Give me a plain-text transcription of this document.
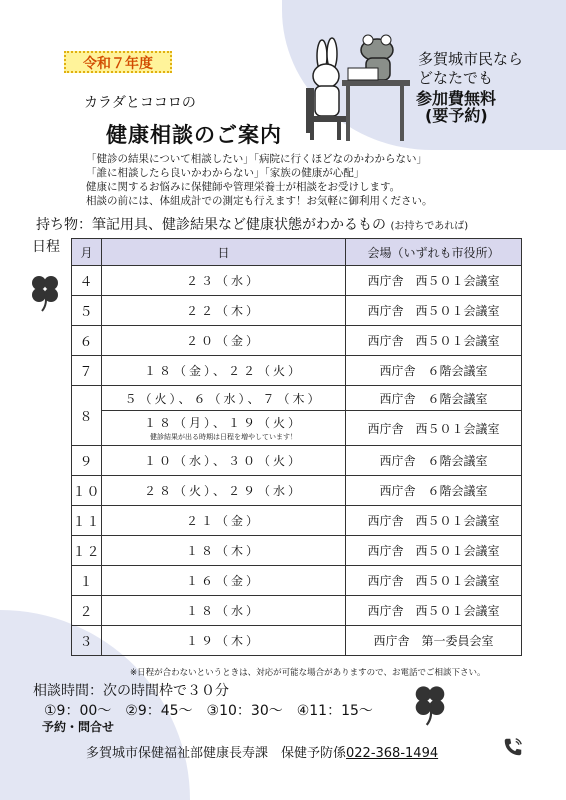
令和７年度
カラダとココロの
健康相談のご案内
多賀城市民なら
どなたでも
参加費無料
(要予約)
「健診の結果について相談したい」「病院に行くほどなのかわからない」
「誰に相談したら良いかわからない」「家族の健康が心配」
健康に関するお悩みに保健師や管理栄養士が相談をお受けします。
相談の前には、体組成計での測定も行えます！お気軽に御利用ください。
持ち物：筆記用具、健診結果など健康状態がわかるもの (お持ちであれば)
日程 月	日	会場（いずれも市役所）
４	２３（水）	西庁舎　西５０１会議室
５	２２（木）	西庁舎　西５０１会議室
６	２０（金）	西庁舎　西５０１会議室
７	１８（金）、２２（火）	西庁舎　６階会議室
８	５（火）、６（水）、７（木）	西庁舎　６階会議室
	１８（月）、１９（火）
健診結果が出る時期は日程を増やしています！	西庁舎　西５０１会議室
９	１０（水）、３０（火）	西庁舎　６階会議室
１０	２８（火）、２９（水）	西庁舎　６階会議室
１１	２１（金）	西庁舎　西５０１会議室
１２	１８（木）	西庁舎　西５０１会議室
１	１６（金）	西庁舎　西５０１会議室
２	１８（水）	西庁舎　西５０１会議室
３	１９（木）	西庁舎　第一委員会室
※日程が合わないというときは、対応が可能な場合がありますので、お電話でご相談下さい。
相談時間：次の時間枠で３０分
①9：00～　②9：45～　③10：30～　④11：15～
予約・問合せ
多賀城市保健福祉部健康長寿課　保健予防係022-368-1494
